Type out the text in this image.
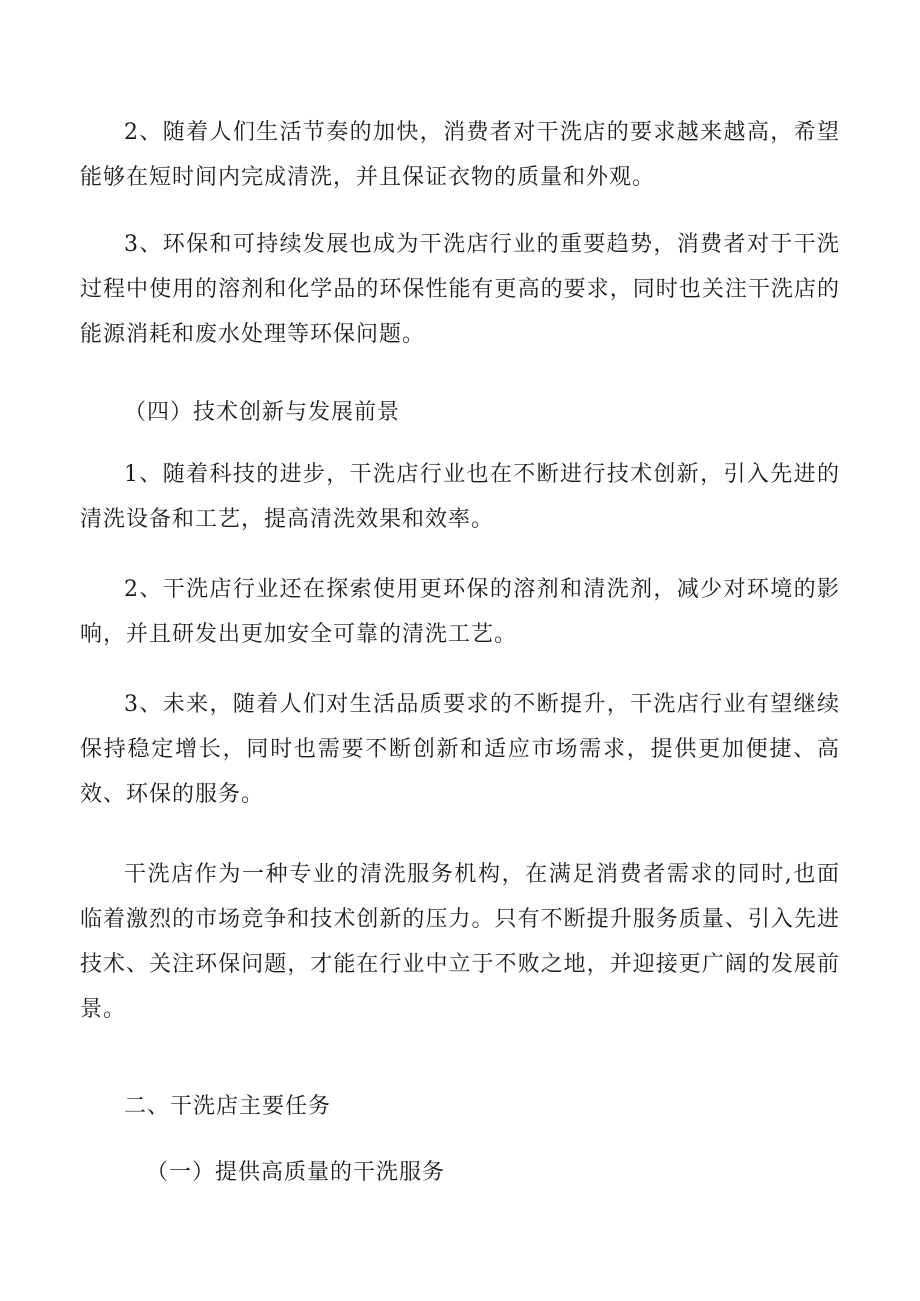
2、随着人们生活节奏的加快，消费者对干洗店的要求越来越高，希望能够在短时间内完成清洗，并且保证衣物的质量和外观。

3、环保和可持续发展也成为干洗店行业的重要趋势，消费者对于干洗过程中使用的溶剂和化学品的环保性能有更高的要求，同时也关注干洗店的能源消耗和废水处理等环保问题。

（四）技术创新与发展前景

1、随着科技的进步，干洗店行业也在不断进行技术创新，引入先进的清洗设备和工艺，提高清洗效果和效率。

2、干洗店行业还在探索使用更环保的溶剂和清洗剂，减少对环境的影响，并且研发出更加安全可靠的清洗工艺。

3、未来，随着人们对生活品质要求的不断提升，干洗店行业有望继续保持稳定增长，同时也需要不断创新和适应市场需求，提供更加便捷、高效、环保的服务。

干洗店作为一种专业的清洗服务机构，在满足消费者需求的同时,也面临着激烈的市场竞争和技术创新的压力。只有不断提升服务质量、引入先进技术、关注环保问题，才能在行业中立于不败之地，并迎接更广阔的发展前景。

二、干洗店主要任务
（一）提供高质量的干洗服务
